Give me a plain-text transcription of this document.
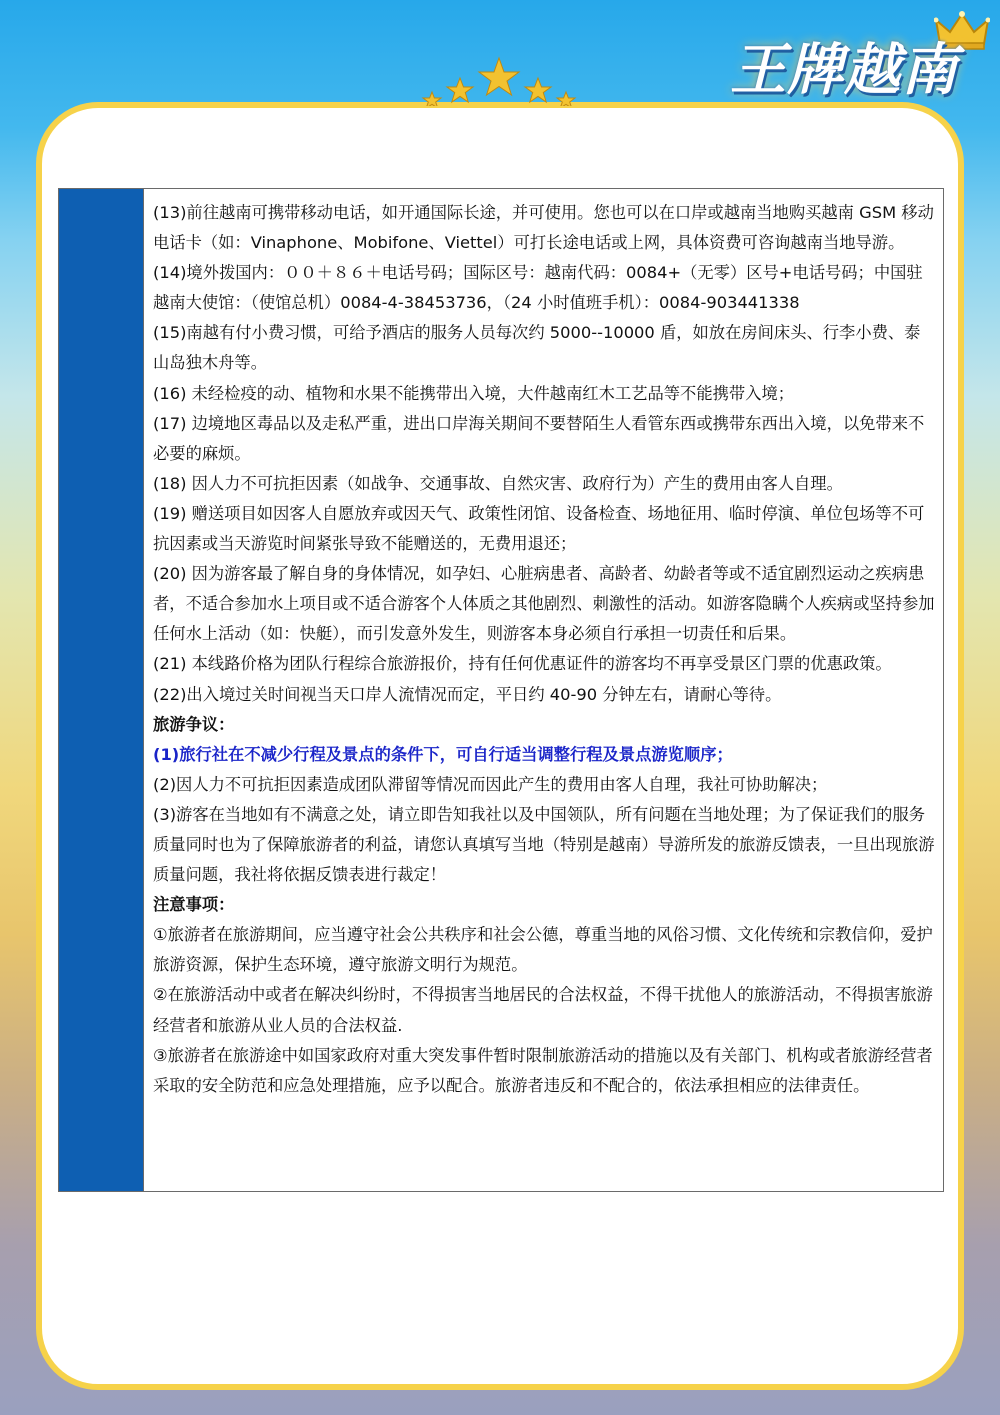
王牌越南

(13)前往越南可携带移动电话，如开通国际长途，并可使用。您也可以在口岸或越南当地购买越南 GSM 移动电话卡（如：Vinaphone、Mobifone、Viettel）可打长途电话或上网，具体资费可咨询越南当地导游。

(14)境外拨国内：００＋８６＋电话号码；国际区号：越南代码：0084+（无零）区号+电话号码；中国驻越南大使馆：（使馆总机）0084-4-38453736，（24 小时值班手机）：0084-903441338

(15)南越有付小费习惯，可给予酒店的服务人员每次约 5000--10000 盾，如放在房间床头、行李小费、泰山岛独木舟等。

(16) 未经检疫的动、植物和水果不能携带出入境，大件越南红木工艺品等不能携带入境；

(17) 边境地区毒品以及走私严重，进出口岸海关期间不要替陌生人看管东西或携带东西出入境，以免带来不必要的麻烦。

(18) 因人力不可抗拒因素（如战争、交通事故、自然灾害、政府行为）产生的费用由客人自理。

(19) 赠送项目如因客人自愿放弃或因天气、政策性闭馆、设备检查、场地征用、临时停演、单位包场等不可抗因素或当天游览时间紧张导致不能赠送的，无费用退还；

(20) 因为游客最了解自身的身体情况，如孕妇、心脏病患者、高龄者、幼龄者等或不适宜剧烈运动之疾病患者，不适合参加水上项目或不适合游客个人体质之其他剧烈、刺激性的活动。如游客隐瞒个人疾病或坚持参加任何水上活动（如：快艇），而引发意外发生，则游客本身必须自行承担一切责任和后果。

(21) 本线路价格为团队行程综合旅游报价，持有任何优惠证件的游客均不再享受景区门票的优惠政策。

(22)出入境过关时间视当天口岸人流情况而定，平日约 40-90 分钟左右，请耐心等待。

旅游争议：

(1)旅行社在不减少行程及景点的条件下，可自行适当调整行程及景点游览顺序；

(2)因人力不可抗拒因素造成团队滞留等情况而因此产生的费用由客人自理，我社可协助解决；

(3)游客在当地如有不满意之处，请立即告知我社以及中国领队，所有问题在当地处理；为了保证我们的服务质量同时也为了保障旅游者的利益，请您认真填写当地（特别是越南）导游所发的旅游反馈表，一旦出现旅游质量问题，我社将依据反馈表进行裁定！

注意事项：

①旅游者在旅游期间，应当遵守社会公共秩序和社会公德，尊重当地的风俗习惯、文化传统和宗教信仰，爱护旅游资源，保护生态环境，遵守旅游文明行为规范。

②在旅游活动中或者在解决纠纷时，不得损害当地居民的合法权益，不得干扰他人的旅游活动，不得损害旅游经营者和旅游从业人员的合法权益.

③旅游者在旅游途中如国家政府对重大突发事件暂时限制旅游活动的措施以及有关部门、机构或者旅游经营者采取的安全防范和应急处理措施，应予以配合。旅游者违反和不配合的，依法承担相应的法律责任。
